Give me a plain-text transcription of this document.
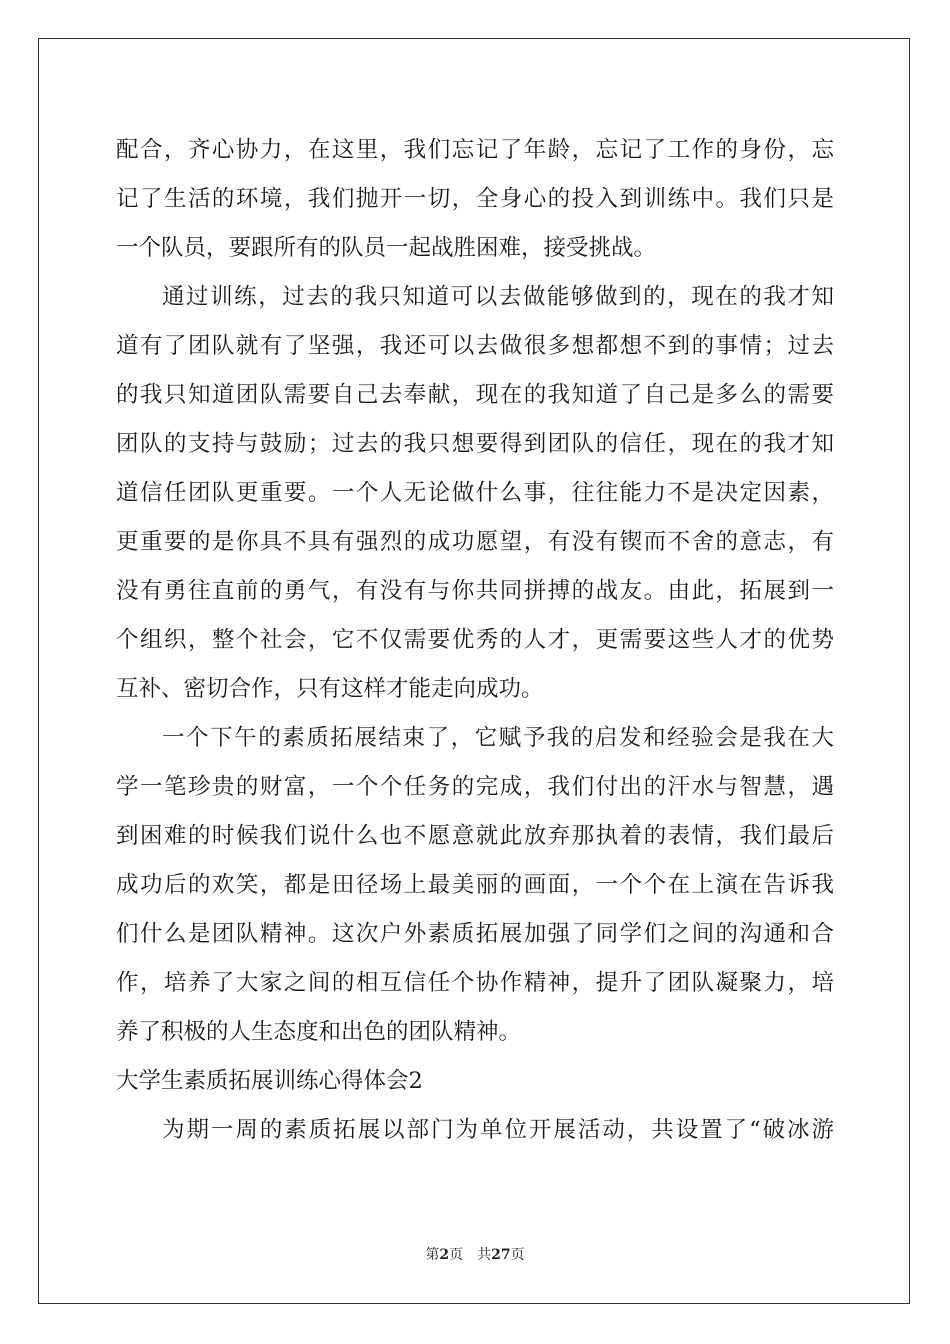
配合，齐心协力，在这里，我们忘记了年龄，忘记了工作的身份，忘
记了生活的环境，我们抛开一切，全身心的投入到训练中。我们只是
一个队员，要跟所有的队员一起战胜困难，接受挑战。
通过训练，过去的我只知道可以去做能够做到的，现在的我才知
道有了团队就有了坚强，我还可以去做很多想都想不到的事情；过去
的我只知道团队需要自己去奉献，现在的我知道了自己是多么的需要
团队的支持与鼓励；过去的我只想要得到团队的信任，现在的我才知
道信任团队更重要。一个人无论做什么事，往往能力不是决定因素，
更重要的是你具不具有强烈的成功愿望，有没有锲而不舍的意志，有
没有勇往直前的勇气，有没有与你共同拼搏的战友。由此，拓展到一
个组织，整个社会，它不仅需要优秀的人才，更需要这些人才的优势
互补、密切合作，只有这样才能走向成功。
一个下午的素质拓展结束了，它赋予我的启发和经验会是我在大
学一笔珍贵的财富，一个个任务的完成，我们付出的汗水与智慧，遇
到困难的时候我们说什么也不愿意就此放弃那执着的表情，我们最后
成功后的欢笑，都是田径场上最美丽的画面，一个个在上演在告诉我
们什么是团队精神。这次户外素质拓展加强了同学们之间的沟通和合
作，培养了大家之间的相互信任个协作精神，提升了团队凝聚力，培
养了积极的人生态度和出色的团队精神。
大学生素质拓展训练心得体会2
为期一周的素质拓展以部门为单位开展活动，共设置了“破冰游
第2页　共27页
